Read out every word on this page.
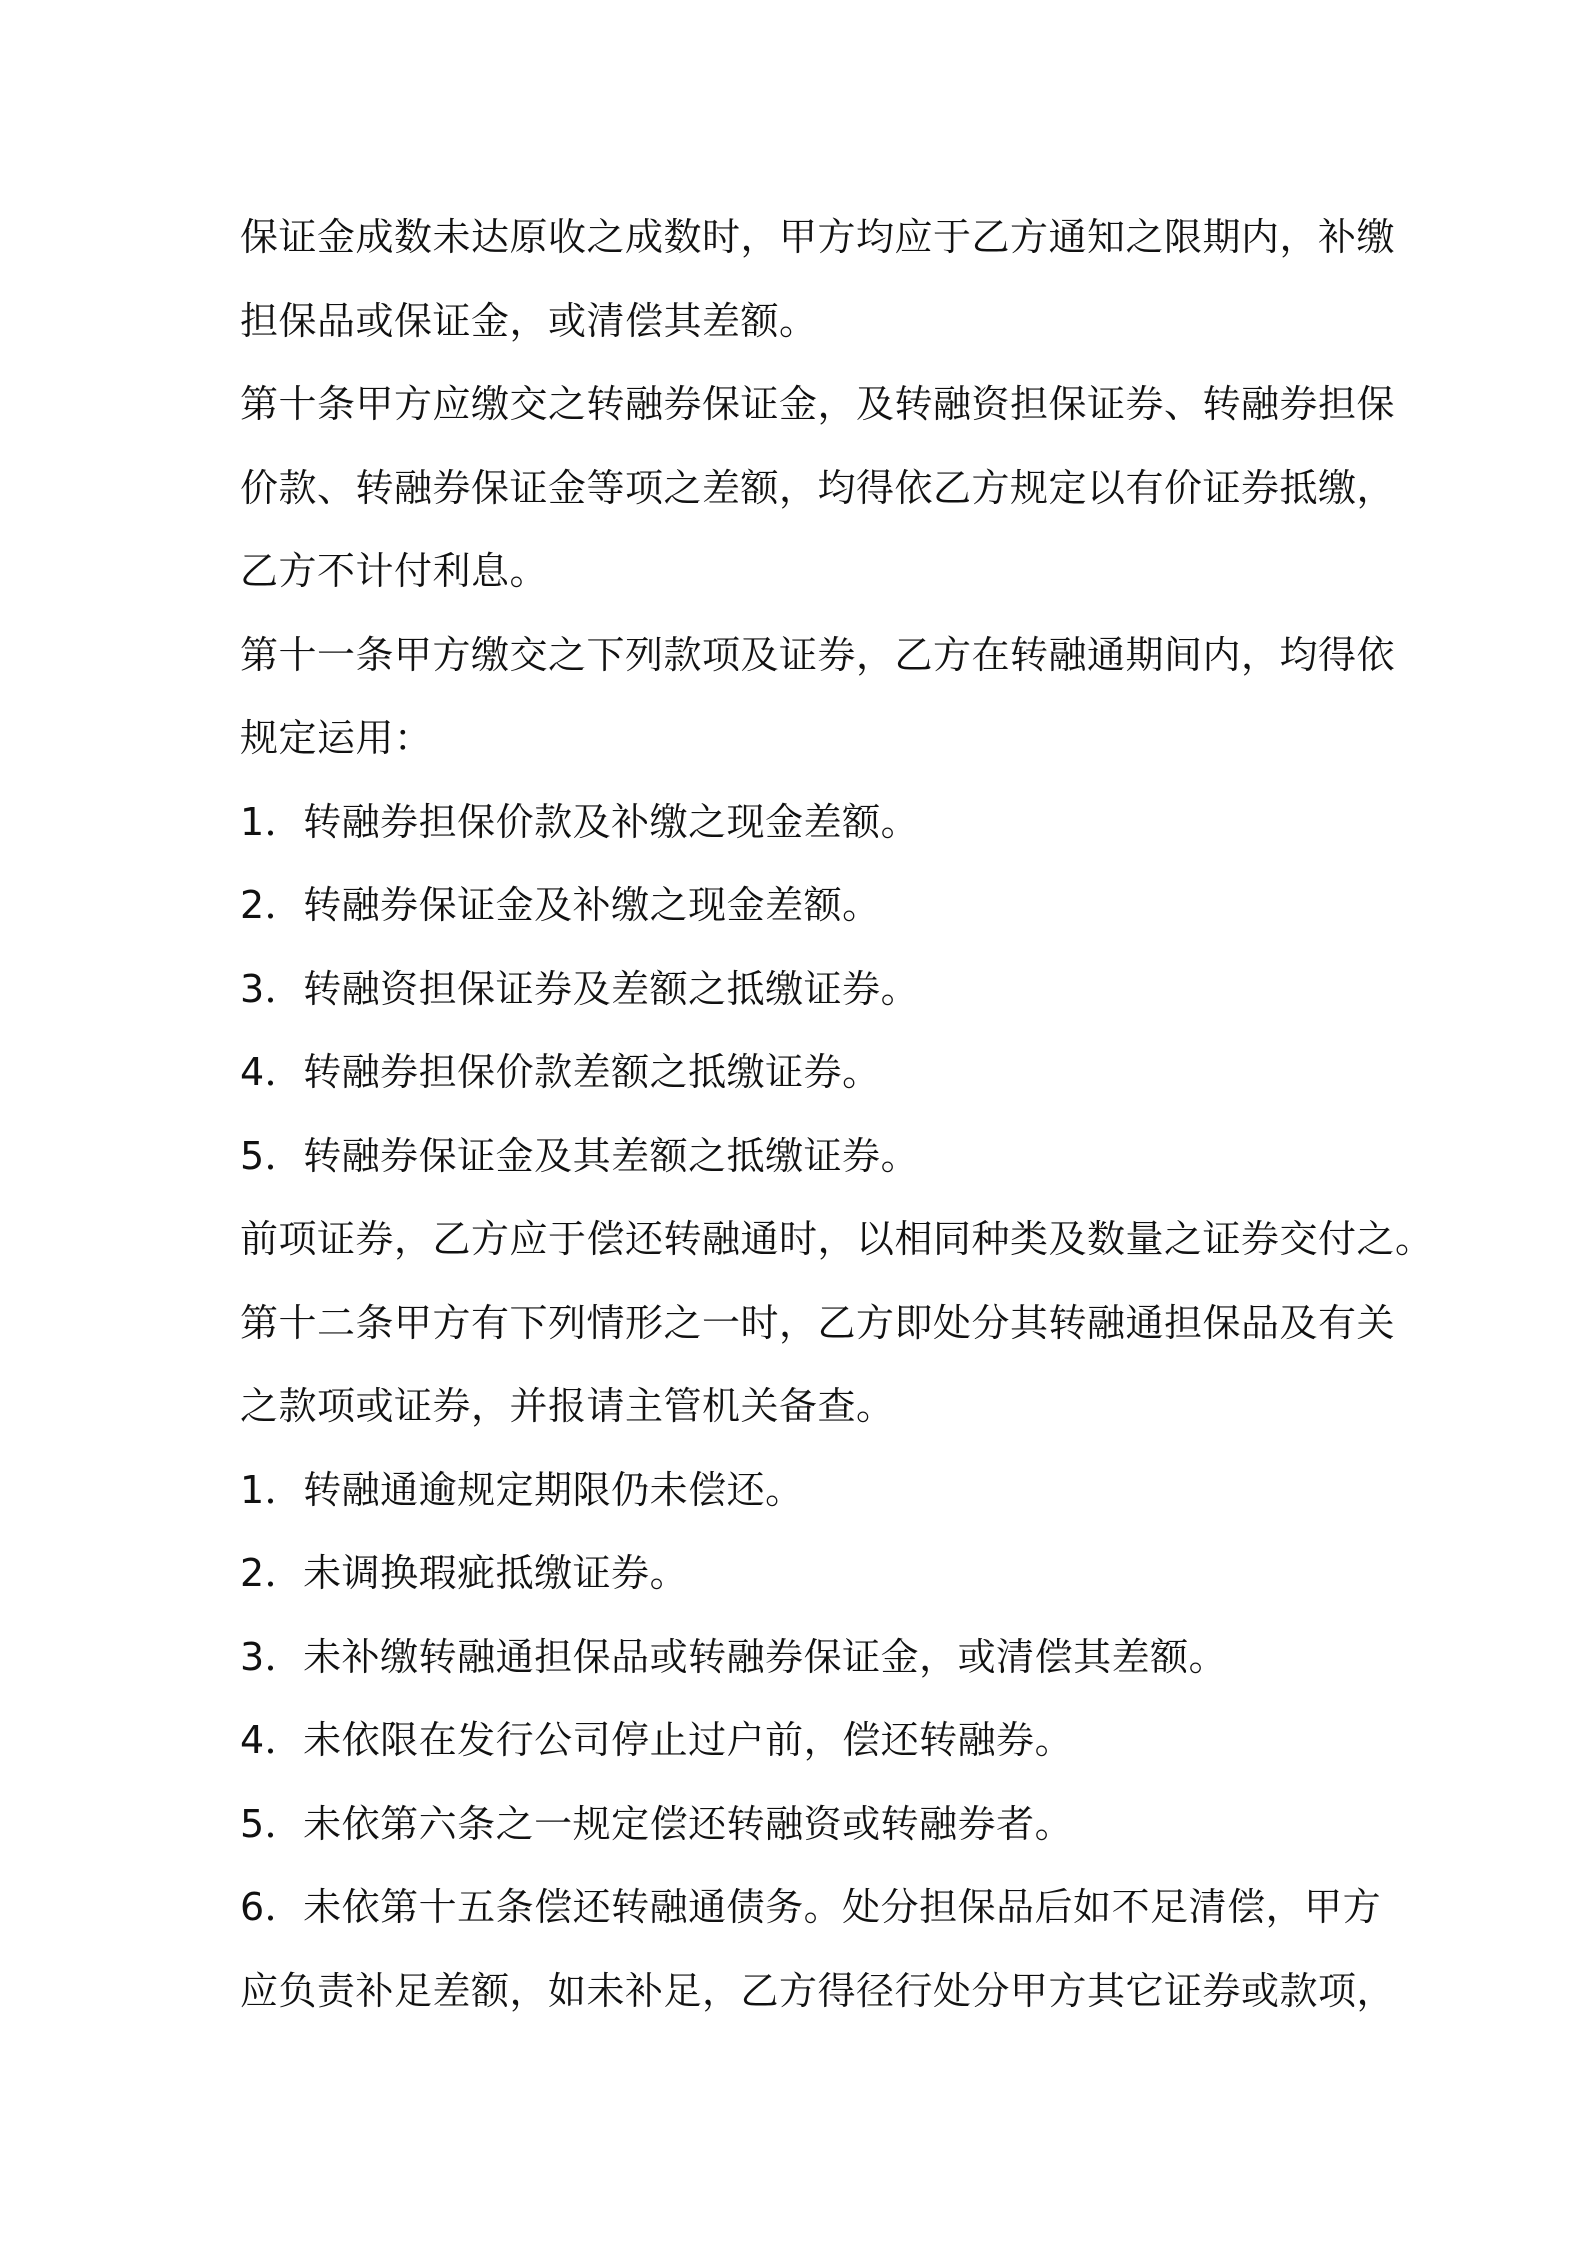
保证金成数未达原收之成数时，甲方均应于乙方通知之限期内，补缴
担保品或保证金，或清偿其差额。
第十条甲方应缴交之转融券保证金，及转融资担保证券、转融券担保
价款、转融券保证金等项之差额，均得依乙方规定以有价证券抵缴，
乙方不计付利息。
第十一条甲方缴交之下列款项及证券，乙方在转融通期间内，均得依
规定运用：
1．转融券担保价款及补缴之现金差额。
2．转融券保证金及补缴之现金差额。
3．转融资担保证券及差额之抵缴证券。
4．转融券担保价款差额之抵缴证券。
5．转融券保证金及其差额之抵缴证券。
前项证券，乙方应于偿还转融通时，以相同种类及数量之证券交付之。
第十二条甲方有下列情形之一时，乙方即处分其转融通担保品及有关
之款项或证券，并报请主管机关备查。
1．转融通逾规定期限仍未偿还。
2．未调换瑕疵抵缴证券。
3．未补缴转融通担保品或转融券保证金，或清偿其差额。
4．未依限在发行公司停止过户前，偿还转融券。
5．未依第六条之一规定偿还转融资或转融券者。
6．未依第十五条偿还转融通债务。处分担保品后如不足清偿，甲方
应负责补足差额，如未补足，乙方得径行处分甲方其它证券或款项，
